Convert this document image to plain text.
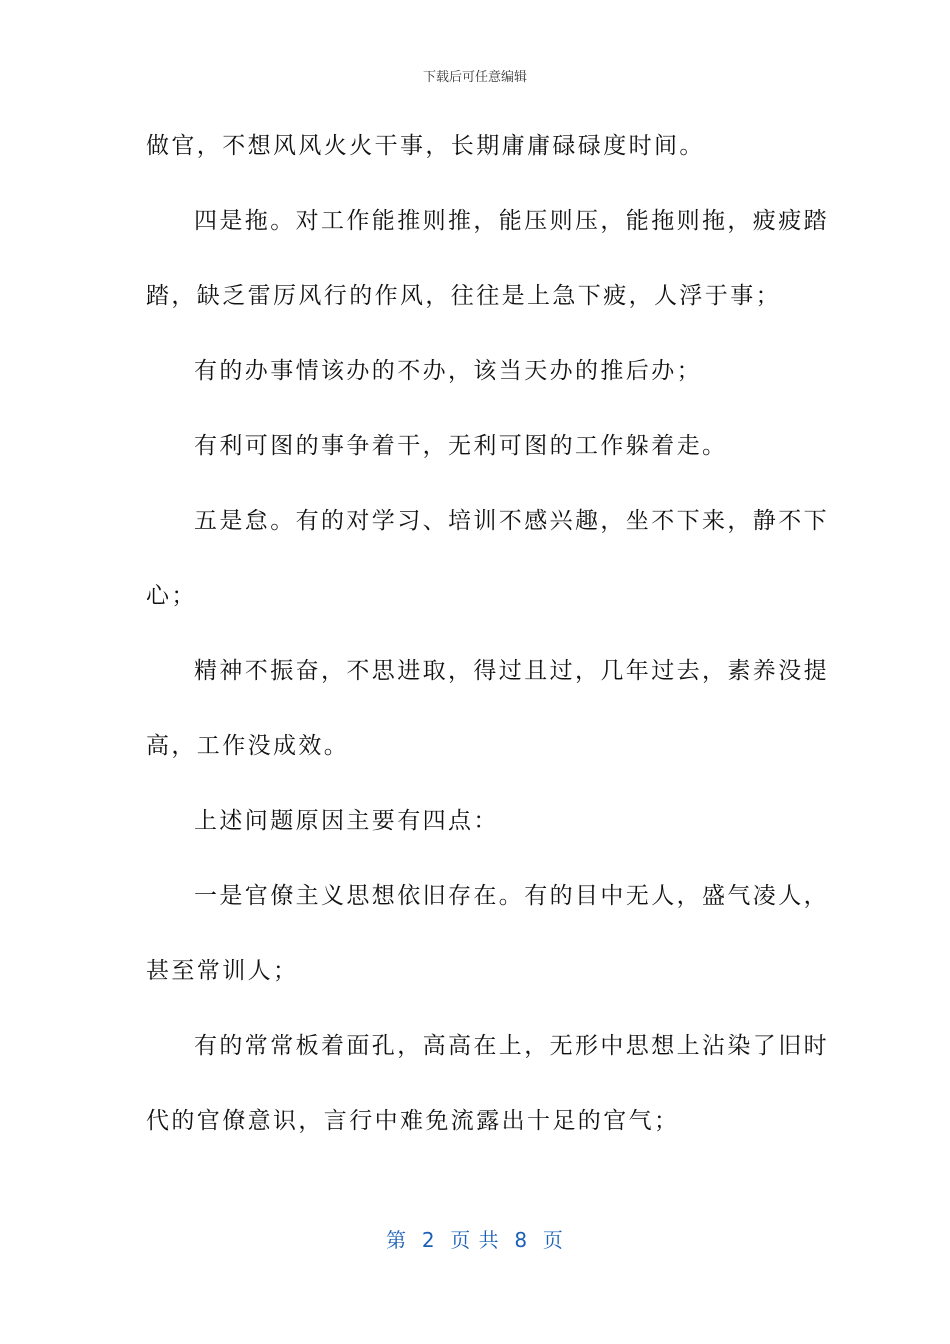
下载后可任意编辑
做官，不想风风火火干事，长期庸庸碌碌度时间。
四是拖。对工作能推则推，能压则压，能拖则拖，疲疲踏
踏，缺乏雷厉风行的作风，往往是上急下疲，人浮于事；
有的办事情该办的不办，该当天办的推后办；
有利可图的事争着干，无利可图的工作躲着走。
五是怠。有的对学习、培训不感兴趣，坐不下来，静不下
心；
精神不振奋，不思进取，得过且过，几年过去，素养没提
高，工作没成效。
上述问题原因主要有四点：
一是官僚主义思想依旧存在。有的目中无人，盛气凌人，
甚至常训人；
有的常常板着面孔，高高在上，无形中思想上沾染了旧时
代的官僚意识，言行中难免流露出十足的官气；
第  2  页 共  8  页
